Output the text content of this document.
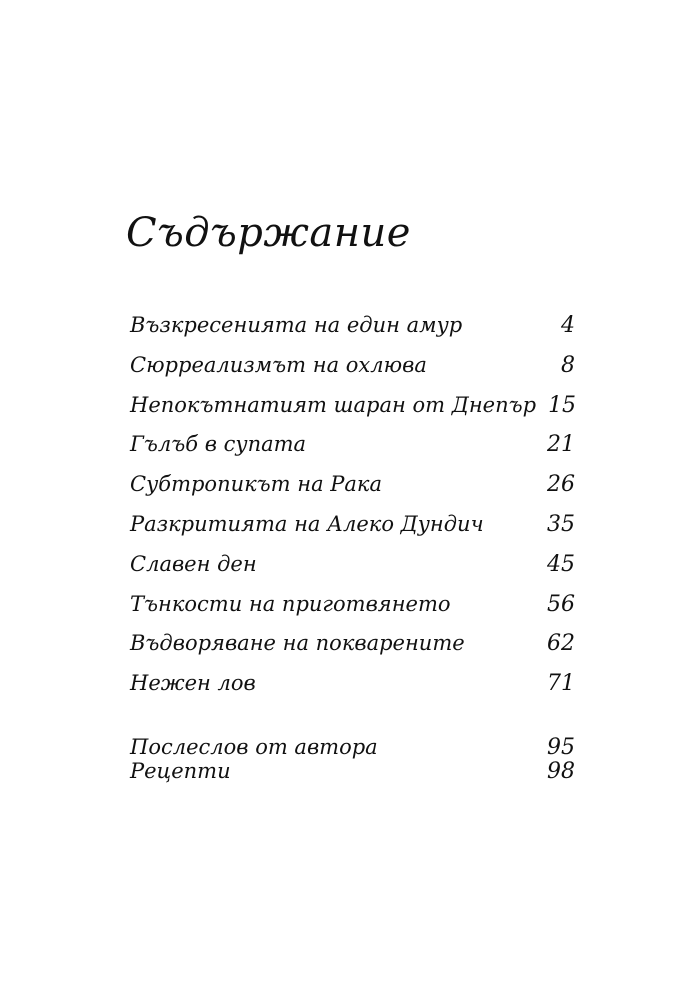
Съдържание
Възкресенията на един амур	4
Сюрреализмът на охлюва	8
Непокътнатият шаран от Днепър 15
Гълъб в супата	21
Субтропикът на Рака	26
Разкритията на Алеко Дундич	35
Славен ден	45
Тънкости на приготвянето	56
Въдворяване на покварените	62
Нежен лов	71
Послеслов от автора	95
Рецепти	98
